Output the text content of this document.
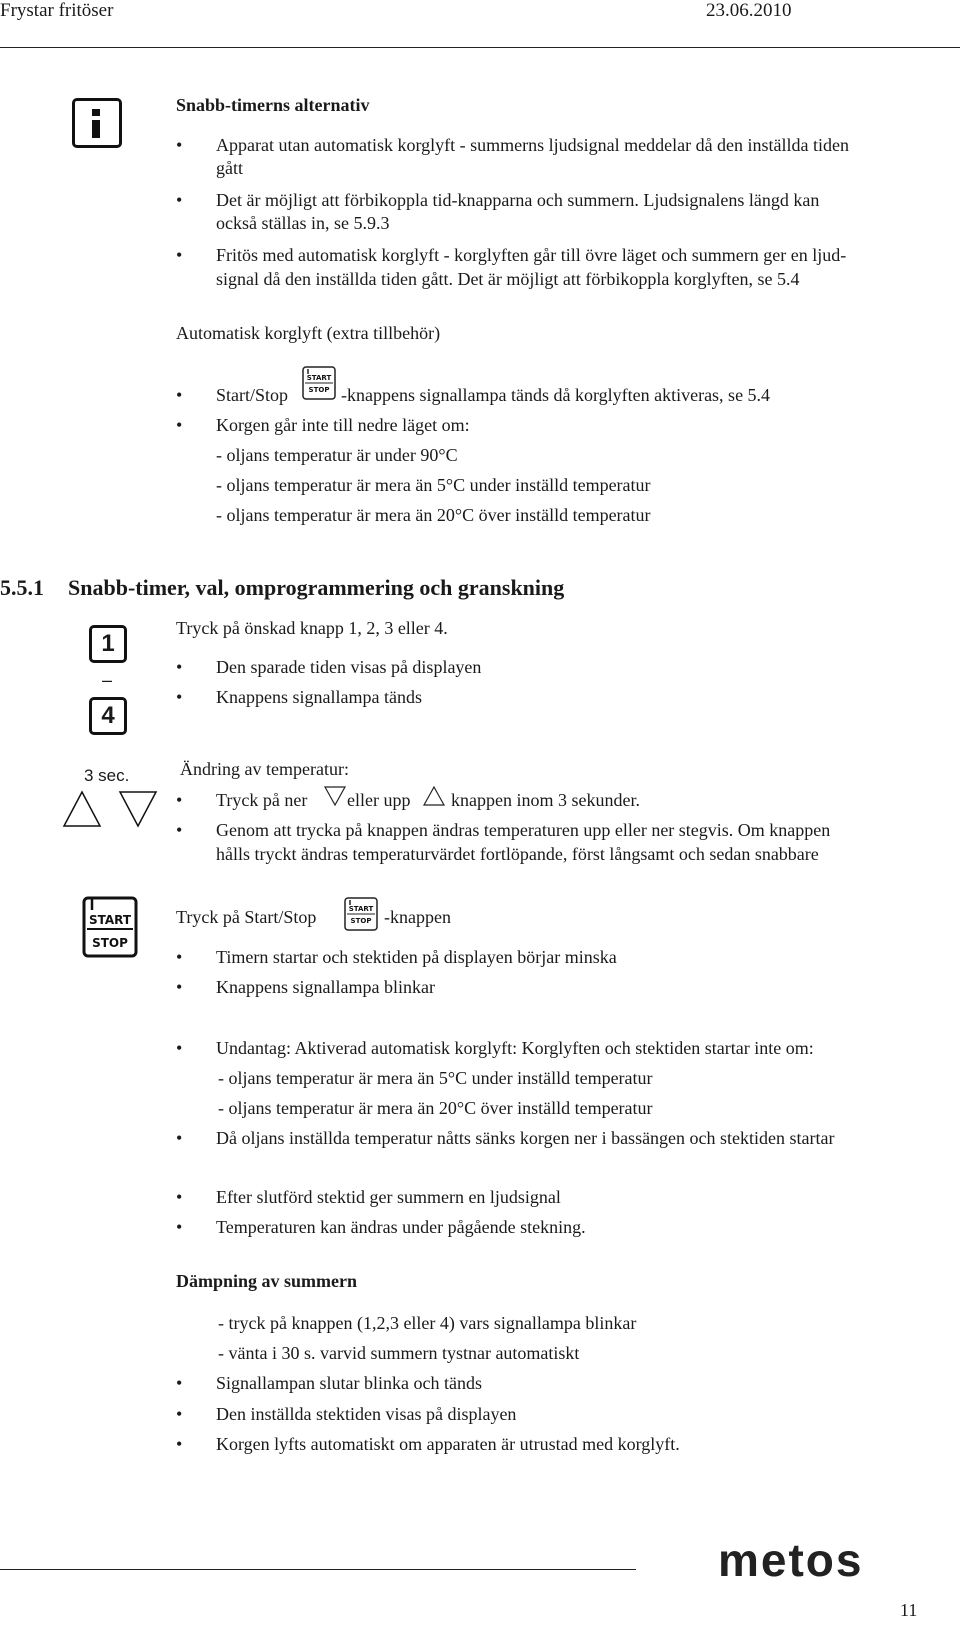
Frystar fritöser	23.06.2010
Snabb-timerns alternativ
• Apparat utan automatisk korglyft - summerns ljudsignal meddelar då den inställda tiden
gått
• Det är möjligt att förbikoppla tid-knapparna och summern. Ljudsignalens längd kan
också ställas in, se 5.9.3
• Fritös med automatisk korglyft - korglyften går till övre läget och summern ger en ljud-
signal då den inställda tiden gått. Det är möjligt att förbikoppla korglyften, se 5.4
Automatisk korglyft (extra tillbehör)
• Start/Stop
START
STOP -knappens signallampa tänds då korglyften aktiveras, se 5.4
• Korgen går inte till nedre läget om:
- oljans temperatur är under 90°C
- oljans temperatur är mera än 5°C under inställd temperatur
- oljans temperatur är mera än 20°C över inställd temperatur
5.5.1 Snabb-timer, val, omprogrammering och granskning
1
–
4
Tryck på önskad knapp 1, 2, 3 eller 4.
• Den sparade tiden visas på displayen
• Knappens signallampa tänds
3 sec.	Ändring av temperatur:
• Tryck på ner eller upp knappen inom 3 sekunder.
• Genom att trycka på knappen ändras temperaturen upp eller ner stegvis. Om knappen
hålls tryckt ändras temperaturvärdet fortlöpande, först långsamt och sedan snabbare
START
STOP
Tryck på Start/Stop	START
STOP -knappen
• Timern startar och stektiden på displayen börjar minska
• Knappens signallampa blinkar
• Undantag: Aktiverad automatisk korglyft: Korglyften och stektiden startar inte om:
- oljans temperatur är mera än 5°C under inställd temperatur
- oljans temperatur är mera än 20°C över inställd temperatur
• Då oljans inställda temperatur nåtts sänks korgen ner i bassängen och stektiden startar
• Efter slutförd stektid ger summern en ljudsignal
• Temperaturen kan ändras under pågående stekning.
Dämpning av summern
- tryck på knappen (1,2,3 eller 4) vars signallampa blinkar
- vänta i 30 s. varvid summern tystnar automatiskt
• Signallampan slutar blinka och tänds
• Den inställda stektiden visas på displayen
• Korgen lyfts automatiskt om apparaten är utrustad med korglyft.
metos
11
